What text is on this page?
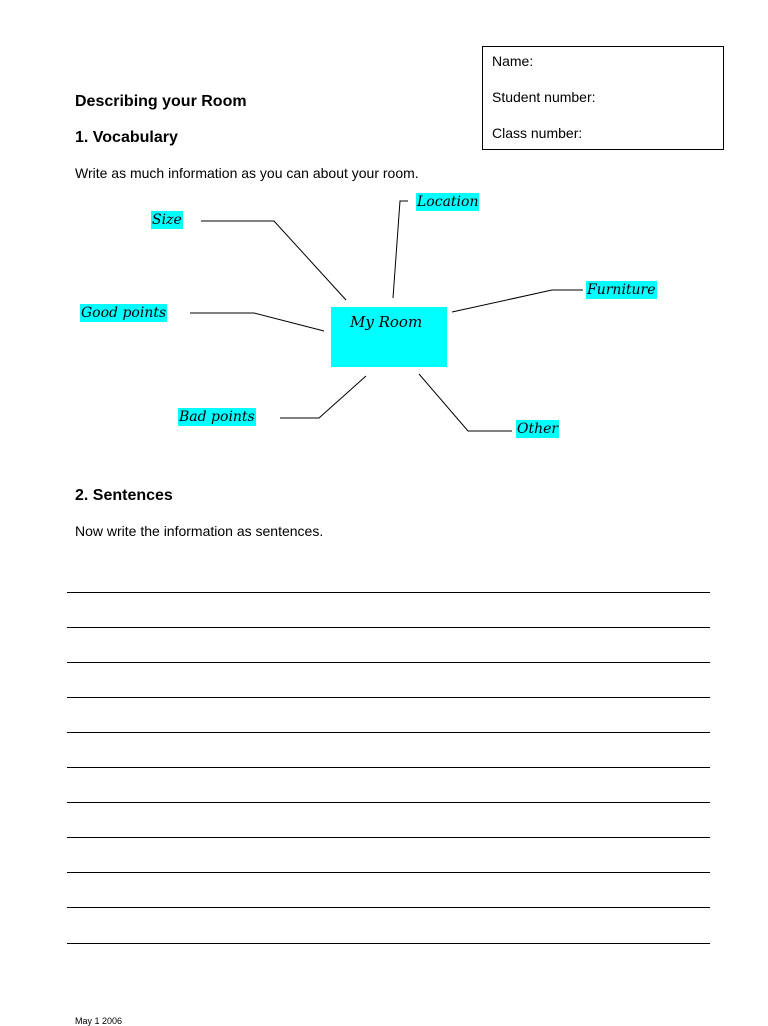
Name:
Student number:
Class number:
Describing your Room
1. Vocabulary
Write as much information as you can about your room.
My Room
Size
Location
Furniture
Good points
Bad points
Other
2. Sentences
Now write the information as sentences.
May 1 2006
